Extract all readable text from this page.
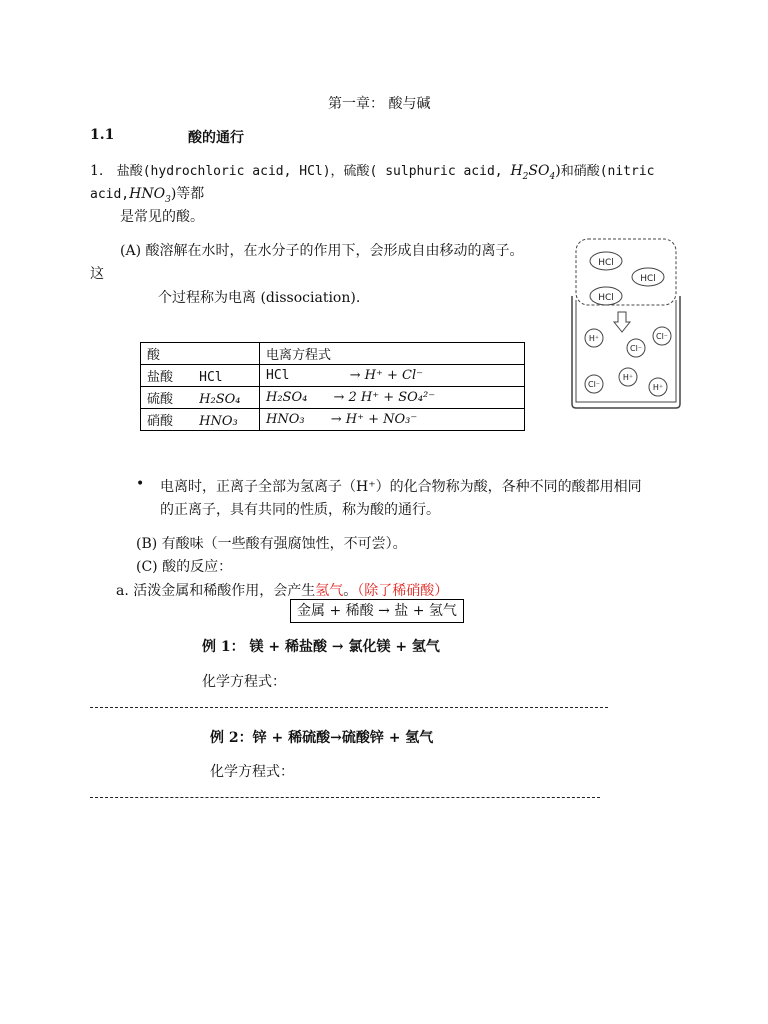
第一章： 酸与碱
1.1	酸的通行
1. 盐酸(hydrochloric acid, HCl)，硫酸( sulphuric acid, $H_2SO_4$)和硝酸(nitric
$acid,HNO_3$)等都
是常见的酸。
(A) 酸溶解在水时，在水分子的作用下，会形成自由移动的离子。
这
个过程称为电离 (dissociation).
HCl
HCl
HCl
H⁺
Cl⁻
Cl⁻
Cl⁻
H⁺
H⁺
酸	电离方程式
盐酸 HCl	HCl → H⁺ + Cl⁻
硫酸 H₂SO₄	H₂SO₄ → 2 H⁺ + SO₄²⁻
硝酸 HNO₃	HNO₃ → H⁺ + NO₃⁻
• 电离时，正离子全部为氢离子（H⁺）的化合物称为酸，各种不同的酸都用相同
的正离子，具有共同的性质，称为酸的通行。
(B) 有酸味（一些酸有强腐蚀性，不可尝）。
(C) 酸的反应：
a. 活泼金属和稀酸作用，会产生氢气。（除了稀硝酸）
金属 + 稀酸 → 盐 + 氢气
例 1： 镁 + 稀盐酸 → 氯化镁 + 氢气
化学方程式：
例 2：锌 + 稀硫酸→硫酸锌 + 氢气
化学方程式：
